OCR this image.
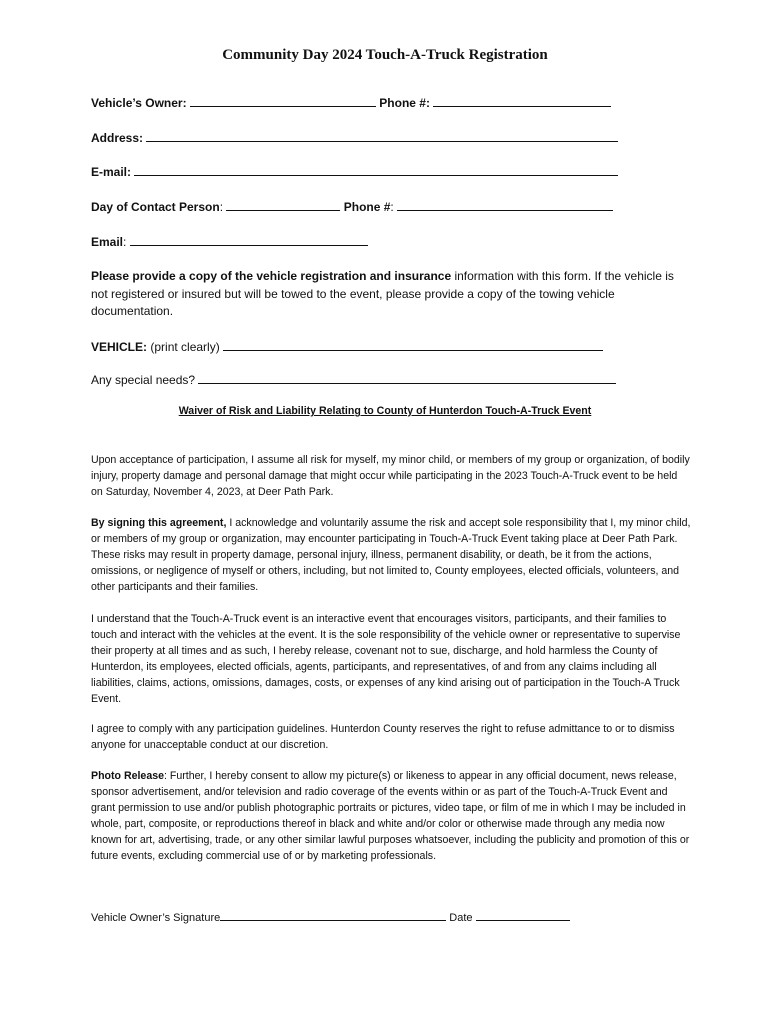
Community Day 2024 Touch-A-Truck Registration
Vehicle’s Owner:	Phone #:
Address:
E-mail:
Day of Contact Person:	Phone #:
Email:
Please provide a copy of the vehicle registration and insurance information with this form. If the vehicle is not registered or insured but will be towed to the event, please provide a copy of the towing vehicle documentation.
VEHICLE: (print clearly)
Any special needs?
Waiver of Risk and Liability Relating to County of Hunterdon Touch-A-Truck Event
Upon acceptance of participation, I assume all risk for myself, my minor child, or members of my group or organization, of bodily injury, property damage and personal damage that might occur while participating in the 2023 Touch-A-Truck event to be held on Saturday, November 4, 2023, at Deer Path Park.
By signing this agreement, I acknowledge and voluntarily assume the risk and accept sole responsibility that I, my minor child, or members of my group or organization, may encounter participating in Touch-A-Truck Event taking place at Deer Path Park. These risks may result in property damage, personal injury, illness, permanent disability, or death, be it from the actions, omissions, or negligence of myself or others, including, but not limited to, County employees, elected officials, volunteers, and other participants and their families.
I understand that the Touch-A-Truck event is an interactive event that encourages visitors, participants, and their families to touch and interact with the vehicles at the event. It is the sole responsibility of the vehicle owner or representative to supervise their property at all times and as such, I hereby release, covenant not to sue, discharge, and hold harmless the County of Hunterdon, its employees, elected officials, agents, participants, and representatives, of and from any claims including all liabilities, claims, actions, omissions, damages, costs, or expenses of any kind arising out of participation in the Touch-A Truck Event.
I agree to comply with any participation guidelines. Hunterdon County reserves the right to refuse admittance to or to dismiss anyone for unacceptable conduct at our discretion.
Photo Release: Further, I hereby consent to allow my picture(s) or likeness to appear in any official document, news release, sponsor advertisement, and/or television and radio coverage of the events within or as part of the Touch-A-Truck Event and grant permission to use and/or publish photographic portraits or pictures, video tape, or film of me in which I may be included in whole, part, composite, or reproductions thereof in black and white and/or color or otherwise made through any media now known for art, advertising, trade, or any other similar lawful purposes whatsoever, including the publicity and promotion of this or future events, excluding commercial use of or by marketing professionals.
Vehicle Owner’s Signature	Date
